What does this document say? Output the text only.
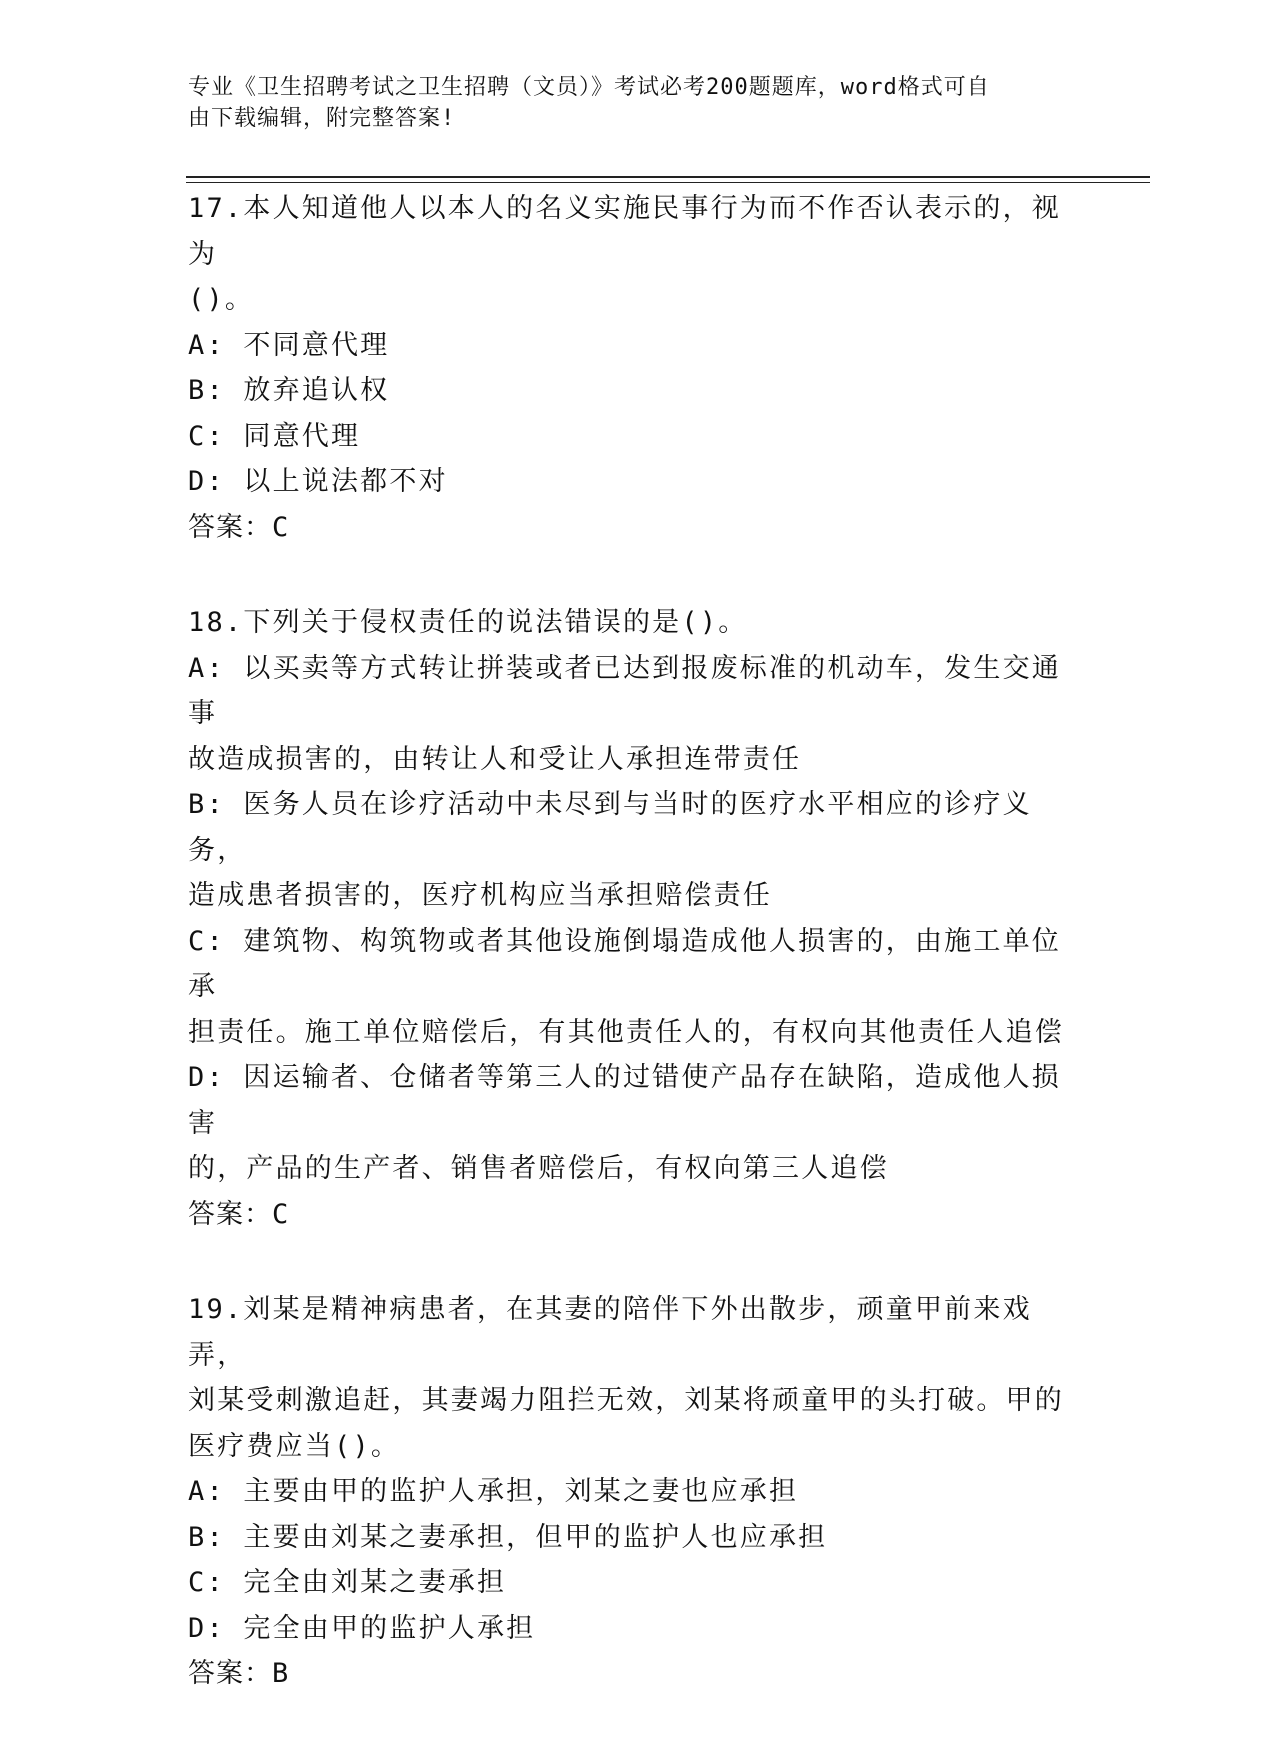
专业《卫生招聘考试之卫生招聘（文员）》考试必考200题题库，word格式可自
由下载编辑，附完整答案!
17.本人知道他人以本人的名义实施民事行为而不作否认表示的，视为
()。
A: 不同意代理
B: 放弃追认权
C: 同意代理
D: 以上说法都不对
答案：C
18.下列关于侵权责任的说法错误的是()。
A: 以买卖等方式转让拼装或者已达到报废标准的机动车，发生交通事
故造成损害的，由转让人和受让人承担连带责任
B: 医务人员在诊疗活动中未尽到与当时的医疗水平相应的诊疗义务，
造成患者损害的，医疗机构应当承担赔偿责任
C: 建筑物、构筑物或者其他设施倒塌造成他人损害的，由施工单位承
担责任。施工单位赔偿后，有其他责任人的，有权向其他责任人追偿
D: 因运输者、仓储者等第三人的过错使产品存在缺陷，造成他人损害
的，产品的生产者、销售者赔偿后，有权向第三人追偿
答案：C
19.刘某是精神病患者，在其妻的陪伴下外出散步，顽童甲前来戏弄，
刘某受刺激追赶，其妻竭力阻拦无效，刘某将顽童甲的头打破。甲的
医疗费应当()。
A: 主要由甲的监护人承担，刘某之妻也应承担
B: 主要由刘某之妻承担，但甲的监护人也应承担
C: 完全由刘某之妻承担
D: 完全由甲的监护人承担
答案：B
